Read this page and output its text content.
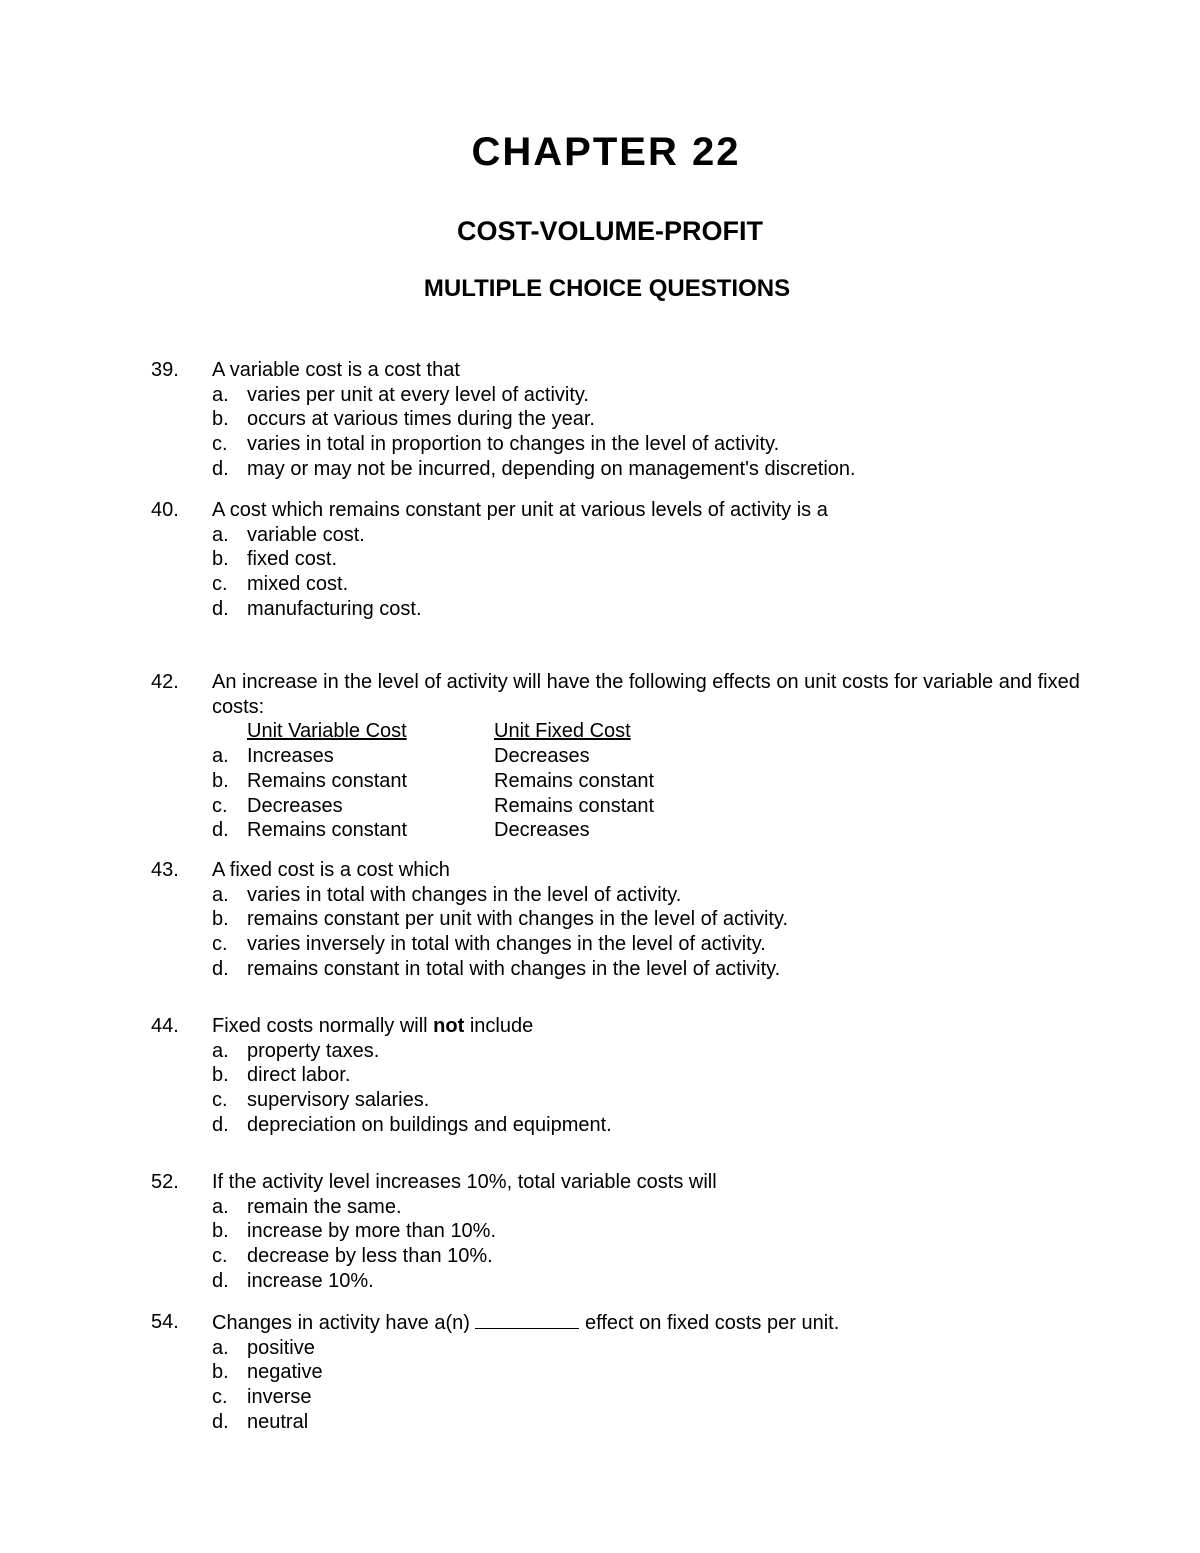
CHAPTER 22
COST-VOLUME-PROFIT
MULTIPLE CHOICE QUESTIONS
39. A variable cost is a cost that
a. varies per unit at every level of activity.
b. occurs at various times during the year.
c. varies in total in proportion to changes in the level of activity.
d. may or may not be incurred, depending on management's discretion.
40. A cost which remains constant per unit at various levels of activity is a
a. variable cost.
b. fixed cost.
c. mixed cost.
d. manufacturing cost.
42. An increase in the level of activity will have the following effects on unit costs for variable and fixed costs:
Unit Variable Cost	Unit Fixed Cost
a. Increases	Decreases
b. Remains constant	Remains constant
c. Decreases	Remains constant
d. Remains constant	Decreases
43. A fixed cost is a cost which
a. varies in total with changes in the level of activity.
b. remains constant per unit with changes in the level of activity.
c. varies inversely in total with changes in the level of activity.
d. remains constant in total with changes in the level of activity.
44. Fixed costs normally will not include
a. property taxes.
b. direct labor.
c. supervisory salaries.
d. depreciation on buildings and equipment.
52. If the activity level increases 10%, total variable costs will
a. remain the same.
b. increase by more than 10%.
c. decrease by less than 10%.
d. increase 10%.
54. Changes in activity have a(n)	effect on fixed costs per unit.
a. positive
b. negative
c. inverse
d. neutral
